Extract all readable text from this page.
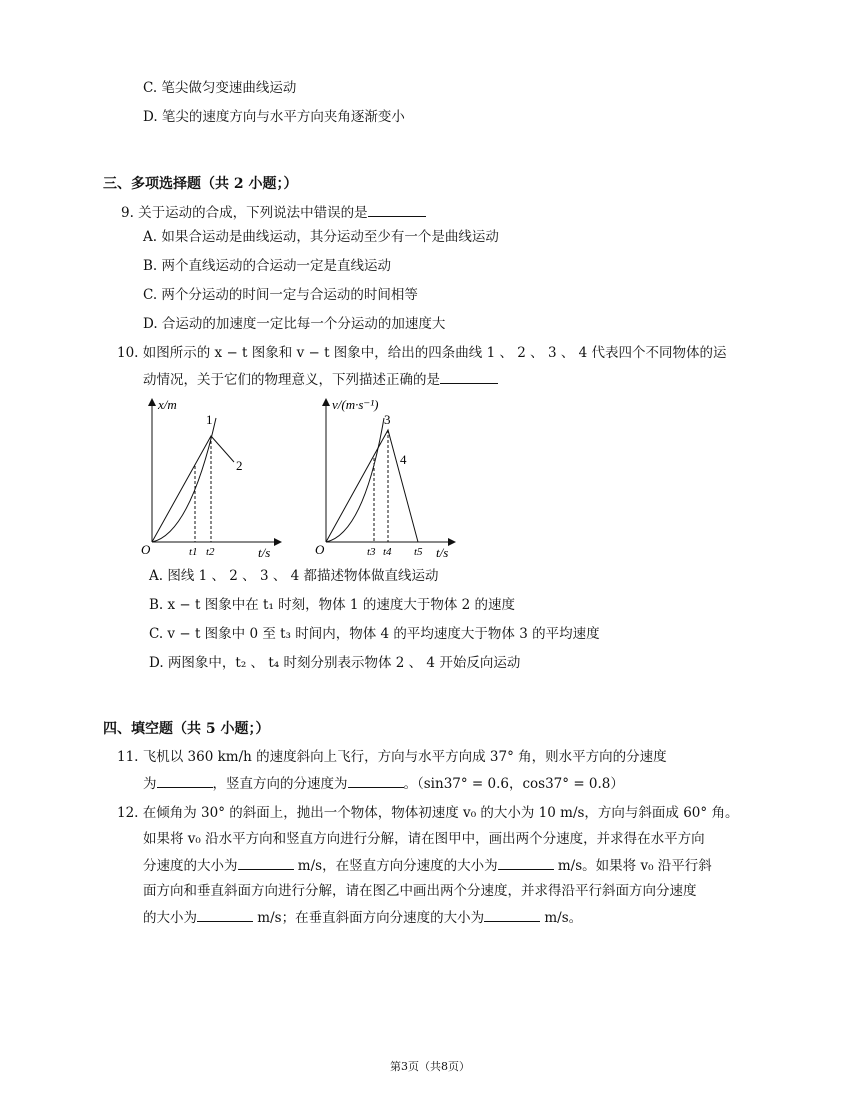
C. 笔尖做匀变速曲线运动
D. 笔尖的速度方向与水平方向夹角逐渐变小
三、多项选择题（共 2 小题；）
9. 关于运动的合成，下列说法中错误的是
A. 如果合运动是曲线运动，其分运动至少有一个是曲线运动
B. 两个直线运动的合运动一定是直线运动
C. 两个分运动的时间一定与合运动的时间相等
D. 合运动的加速度一定比每一个分运动的加速度大
10. 如图所示的 x − t 图象和 v − t 图象中，给出的四条曲线 1 、 2 、 3 、 4 代表四个不同物体的运
动情况，关于它们的物理意义，下列描述正确的是
x/m
O	t/s
t1 t2
1
2
v/(m·s⁻¹)
O	t/s
t3 t4 t5
3
4
A. 图线 1 、 2 、 3 、 4 都描述物体做直线运动
B. x − t 图象中在 t₁ 时刻，物体 1 的速度大于物体 2 的速度
C. v − t 图象中 0 至 t₃ 时间内，物体 4 的平均速度大于物体 3 的平均速度
D. 两图象中，t₂ 、 t₄ 时刻分别表示物体 2 、 4 开始反向运动
四、填空题（共 5 小题；）
11. 飞机以 360 km/h 的速度斜向上飞行，方向与水平方向成 37° 角，则水平方向的分速度
为	，竖直方向的分速度为	。（sin37° = 0.6，cos37° = 0.8）
12. 在倾角为 30° 的斜面上，抛出一个物体，物体初速度 v₀ 的大小为 10 m/s，方向与斜面成 60° 角。
如果将 v₀ 沿水平方向和竖直方向进行分解，请在图甲中，画出两个分速度，并求得在水平方向
分速度的大小为	m/s，在竖直方向分速度的大小为	m/s。如果将 v₀ 沿平行斜
面方向和垂直斜面方向进行分解，请在图乙中画出两个分速度，并求得沿平行斜面方向分速度
的大小为	m/s；在垂直斜面方向分速度的大小为	m/s。
第3页（共8页）
